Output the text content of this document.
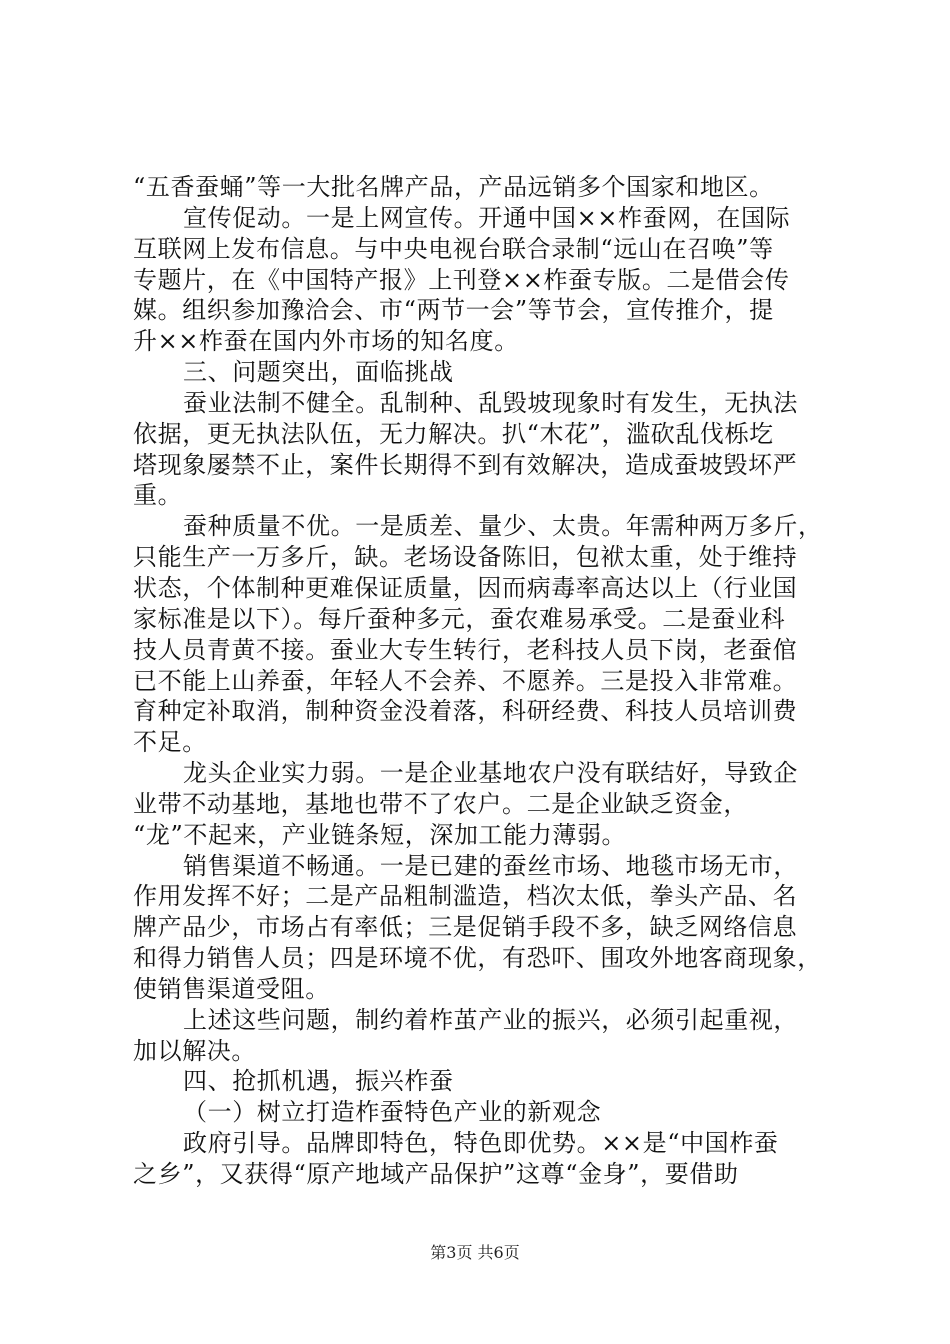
“五香蚕蛹”等一大批名牌产品，产品远销多个国家和地区。
宣传促动。一是上网宣传。开通中国××柞蚕网，在国际
互联网上发布信息。与中央电视台联合录制“远山在召唤”等
专题片，在《中国特产报》上刊登××柞蚕专版。二是借会传
媒。组织参加豫洽会、市“两节一会”等节会，宣传推介，提
升××柞蚕在国内外市场的知名度。
三、问题突出，面临挑战
蚕业法制不健全。乱制种、乱毁坡现象时有发生，无执法
依据，更无执法队伍，无力解决。扒“木花”，滥砍乱伐栎圪
塔现象屡禁不止，案件长期得不到有效解决，造成蚕坡毁坏严
重。
蚕种质量不优。一是质差、量少、太贵。年需种两万多斤，
只能生产一万多斤，缺。老场设备陈旧，包袱太重，处于维持
状态，个体制种更难保证质量，因而病毒率高达以上（行业国
家标准是以下）。每斤蚕种多元，蚕农难易承受。二是蚕业科
技人员青黄不接。蚕业大专生转行，老科技人员下岗，老蚕倌
已不能上山养蚕，年轻人不会养、不愿养。三是投入非常难。
育种定补取消，制种资金没着落，科研经费、科技人员培训费
不足。
龙头企业实力弱。一是企业基地农户没有联结好，导致企
业带不动基地，基地也带不了农户。二是企业缺乏资金，
“龙”不起来，产业链条短，深加工能力薄弱。
销售渠道不畅通。一是已建的蚕丝市场、地毯市场无市，
作用发挥不好；二是产品粗制滥造，档次太低，拳头产品、名
牌产品少，市场占有率低；三是促销手段不多，缺乏网络信息
和得力销售人员；四是环境不优，有恐吓、围攻外地客商现象，
使销售渠道受阻。
上述这些问题，制约着柞茧产业的振兴，必须引起重视，
加以解决。
四、抢抓机遇，振兴柞蚕
（一）树立打造柞蚕特色产业的新观念
政府引导。品牌即特色，特色即优势。××是“中国柞蚕
之乡”，又获得“原产地域产品保护”这尊“金身”，要借助
第3页 共6页
